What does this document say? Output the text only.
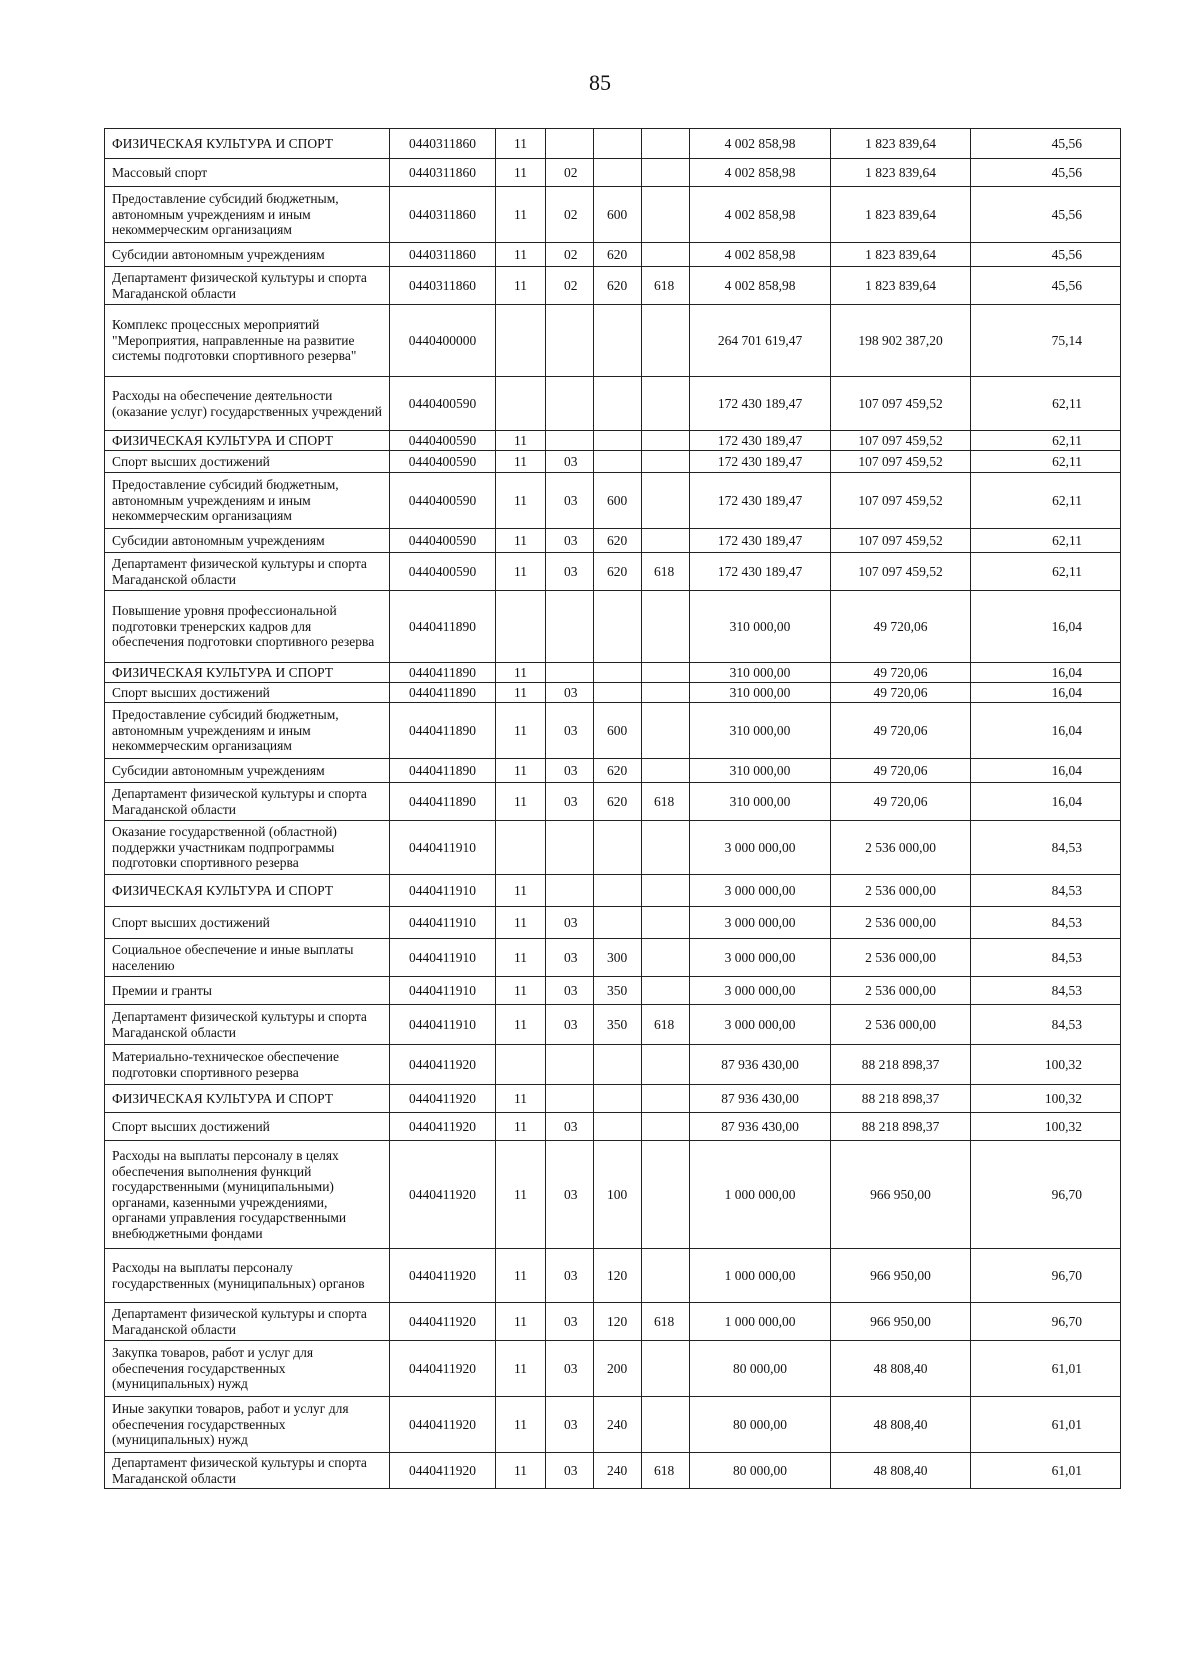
85
ФИЗИЧЕСКАЯ КУЛЬТУРА И СПОРТ	0440311860	11				4 002 858,98	1 823 839,64	45,56
Массовый спорт	0440311860	11	02			4 002 858,98	1 823 839,64	45,56
Предоставление субсидий бюджетным, автономным учреждениям и иным некоммерческим организациям	0440311860	11	02	600		4 002 858,98	1 823 839,64	45,56
Субсидии автономным учреждениям	0440311860	11	02	620		4 002 858,98	1 823 839,64	45,56
Департамент физической культуры и спорта Магаданской области	0440311860	11	02	620	618	4 002 858,98	1 823 839,64	45,56
Комплекс процессных мероприятий "Мероприятия, направленные на развитие системы подготовки спортивного резерва"	0440400000					264 701 619,47	198 902 387,20	75,14
Расходы на обеспечение деятельности (оказание услуг) государственных учреждений	0440400590					172 430 189,47	107 097 459,52	62,11
ФИЗИЧЕСКАЯ КУЛЬТУРА И СПОРТ	0440400590	11				172 430 189,47	107 097 459,52	62,11
Спорт высших достижений	0440400590	11	03			172 430 189,47	107 097 459,52	62,11
Предоставление субсидий бюджетным, автономным учреждениям и иным некоммерческим организациям	0440400590	11	03	600		172 430 189,47	107 097 459,52	62,11
Субсидии автономным учреждениям	0440400590	11	03	620		172 430 189,47	107 097 459,52	62,11
Департамент физической культуры и спорта Магаданской области	0440400590	11	03	620	618	172 430 189,47	107 097 459,52	62,11
Повышение уровня профессиональной подготовки тренерских кадров для обеспечения подготовки спортивного резерва	0440411890					310 000,00	49 720,06	16,04
ФИЗИЧЕСКАЯ КУЛЬТУРА И СПОРТ	0440411890	11				310 000,00	49 720,06	16,04
Спорт высших достижений	0440411890	11	03			310 000,00	49 720,06	16,04
Предоставление субсидий бюджетным, автономным учреждениям и иным некоммерческим организациям	0440411890	11	03	600		310 000,00	49 720,06	16,04
Субсидии автономным учреждениям	0440411890	11	03	620		310 000,00	49 720,06	16,04
Департамент физической культуры и спорта Магаданской области	0440411890	11	03	620	618	310 000,00	49 720,06	16,04
Оказание государственной (областной) поддержки участникам подпрограммы подготовки спортивного резерва	0440411910					3 000 000,00	2 536 000,00	84,53
ФИЗИЧЕСКАЯ КУЛЬТУРА И СПОРТ	0440411910	11				3 000 000,00	2 536 000,00	84,53
Спорт высших достижений	0440411910	11	03			3 000 000,00	2 536 000,00	84,53
Социальное обеспечение и иные выплаты населению	0440411910	11	03	300		3 000 000,00	2 536 000,00	84,53
Премии и гранты	0440411910	11	03	350		3 000 000,00	2 536 000,00	84,53
Департамент физической культуры и спорта Магаданской области	0440411910	11	03	350	618	3 000 000,00	2 536 000,00	84,53
Материально-техническое обеспечение подготовки спортивного резерва	0440411920					87 936 430,00	88 218 898,37	100,32
ФИЗИЧЕСКАЯ КУЛЬТУРА И СПОРТ	0440411920	11				87 936 430,00	88 218 898,37	100,32
Спорт высших достижений	0440411920	11	03			87 936 430,00	88 218 898,37	100,32
Расходы на выплаты персоналу в целях обеспечения выполнения функций государственными (муниципальными) органами, казенными учреждениями, органами управления государственными внебюджетными фондами	0440411920	11	03	100		1 000 000,00	966 950,00	96,70
Расходы на выплаты персоналу государственных (муниципальных) органов	0440411920	11	03	120		1 000 000,00	966 950,00	96,70
Департамент физической культуры и спорта Магаданской области	0440411920	11	03	120	618	1 000 000,00	966 950,00	96,70
Закупка товаров, работ и услуг для обеспечения государственных (муниципальных) нужд	0440411920	11	03	200		80 000,00	48 808,40	61,01
Иные закупки товаров, работ и услуг для обеспечения государственных (муниципальных) нужд	0440411920	11	03	240		80 000,00	48 808,40	61,01
Департамент физической культуры и спорта Магаданской области	0440411920	11	03	240	618	80 000,00	48 808,40	61,01
